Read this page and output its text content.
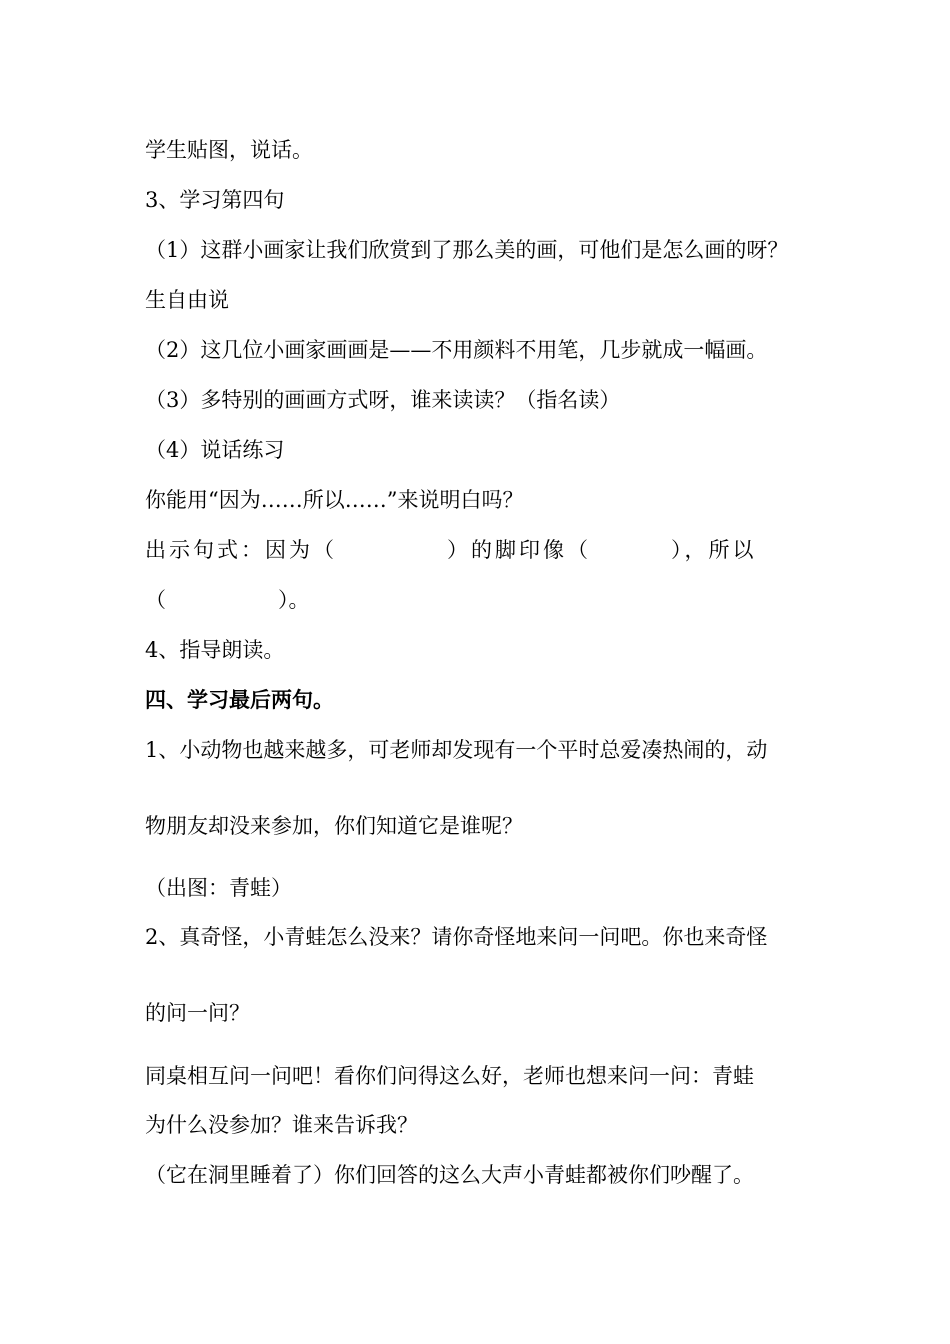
学生贴图，说话。
3、学习第四句
（1）这群小画家让我们欣赏到了那么美的画，可他们是怎么画的呀？
生自由说
（2）这几位小画家画画是——不用颜料不用笔，几步就成一幅画。
（3）多特别的画画方式呀，谁来读读？（指名读）
（4）说话练习
你能用“因为……所以……”来说明白吗？
出示句式：因为（	）的脚印像（	），所以
（	）。
4、指导朗读。
四、学习最后两句。
1、小动物也越来越多，可老师却发现有一个平时总爱凑热闹的，动
物朋友却没来参加，你们知道它是谁呢？
（出图：青蛙）
2、真奇怪，小青蛙怎么没来？请你奇怪地来问一问吧。你也来奇怪
的问一问？
同桌相互问一问吧！看你们问得这么好，老师也想来问一问：青蛙
为什么没参加？谁来告诉我？
（它在洞里睡着了）你们回答的这么大声小青蛙都被你们吵醒了。
